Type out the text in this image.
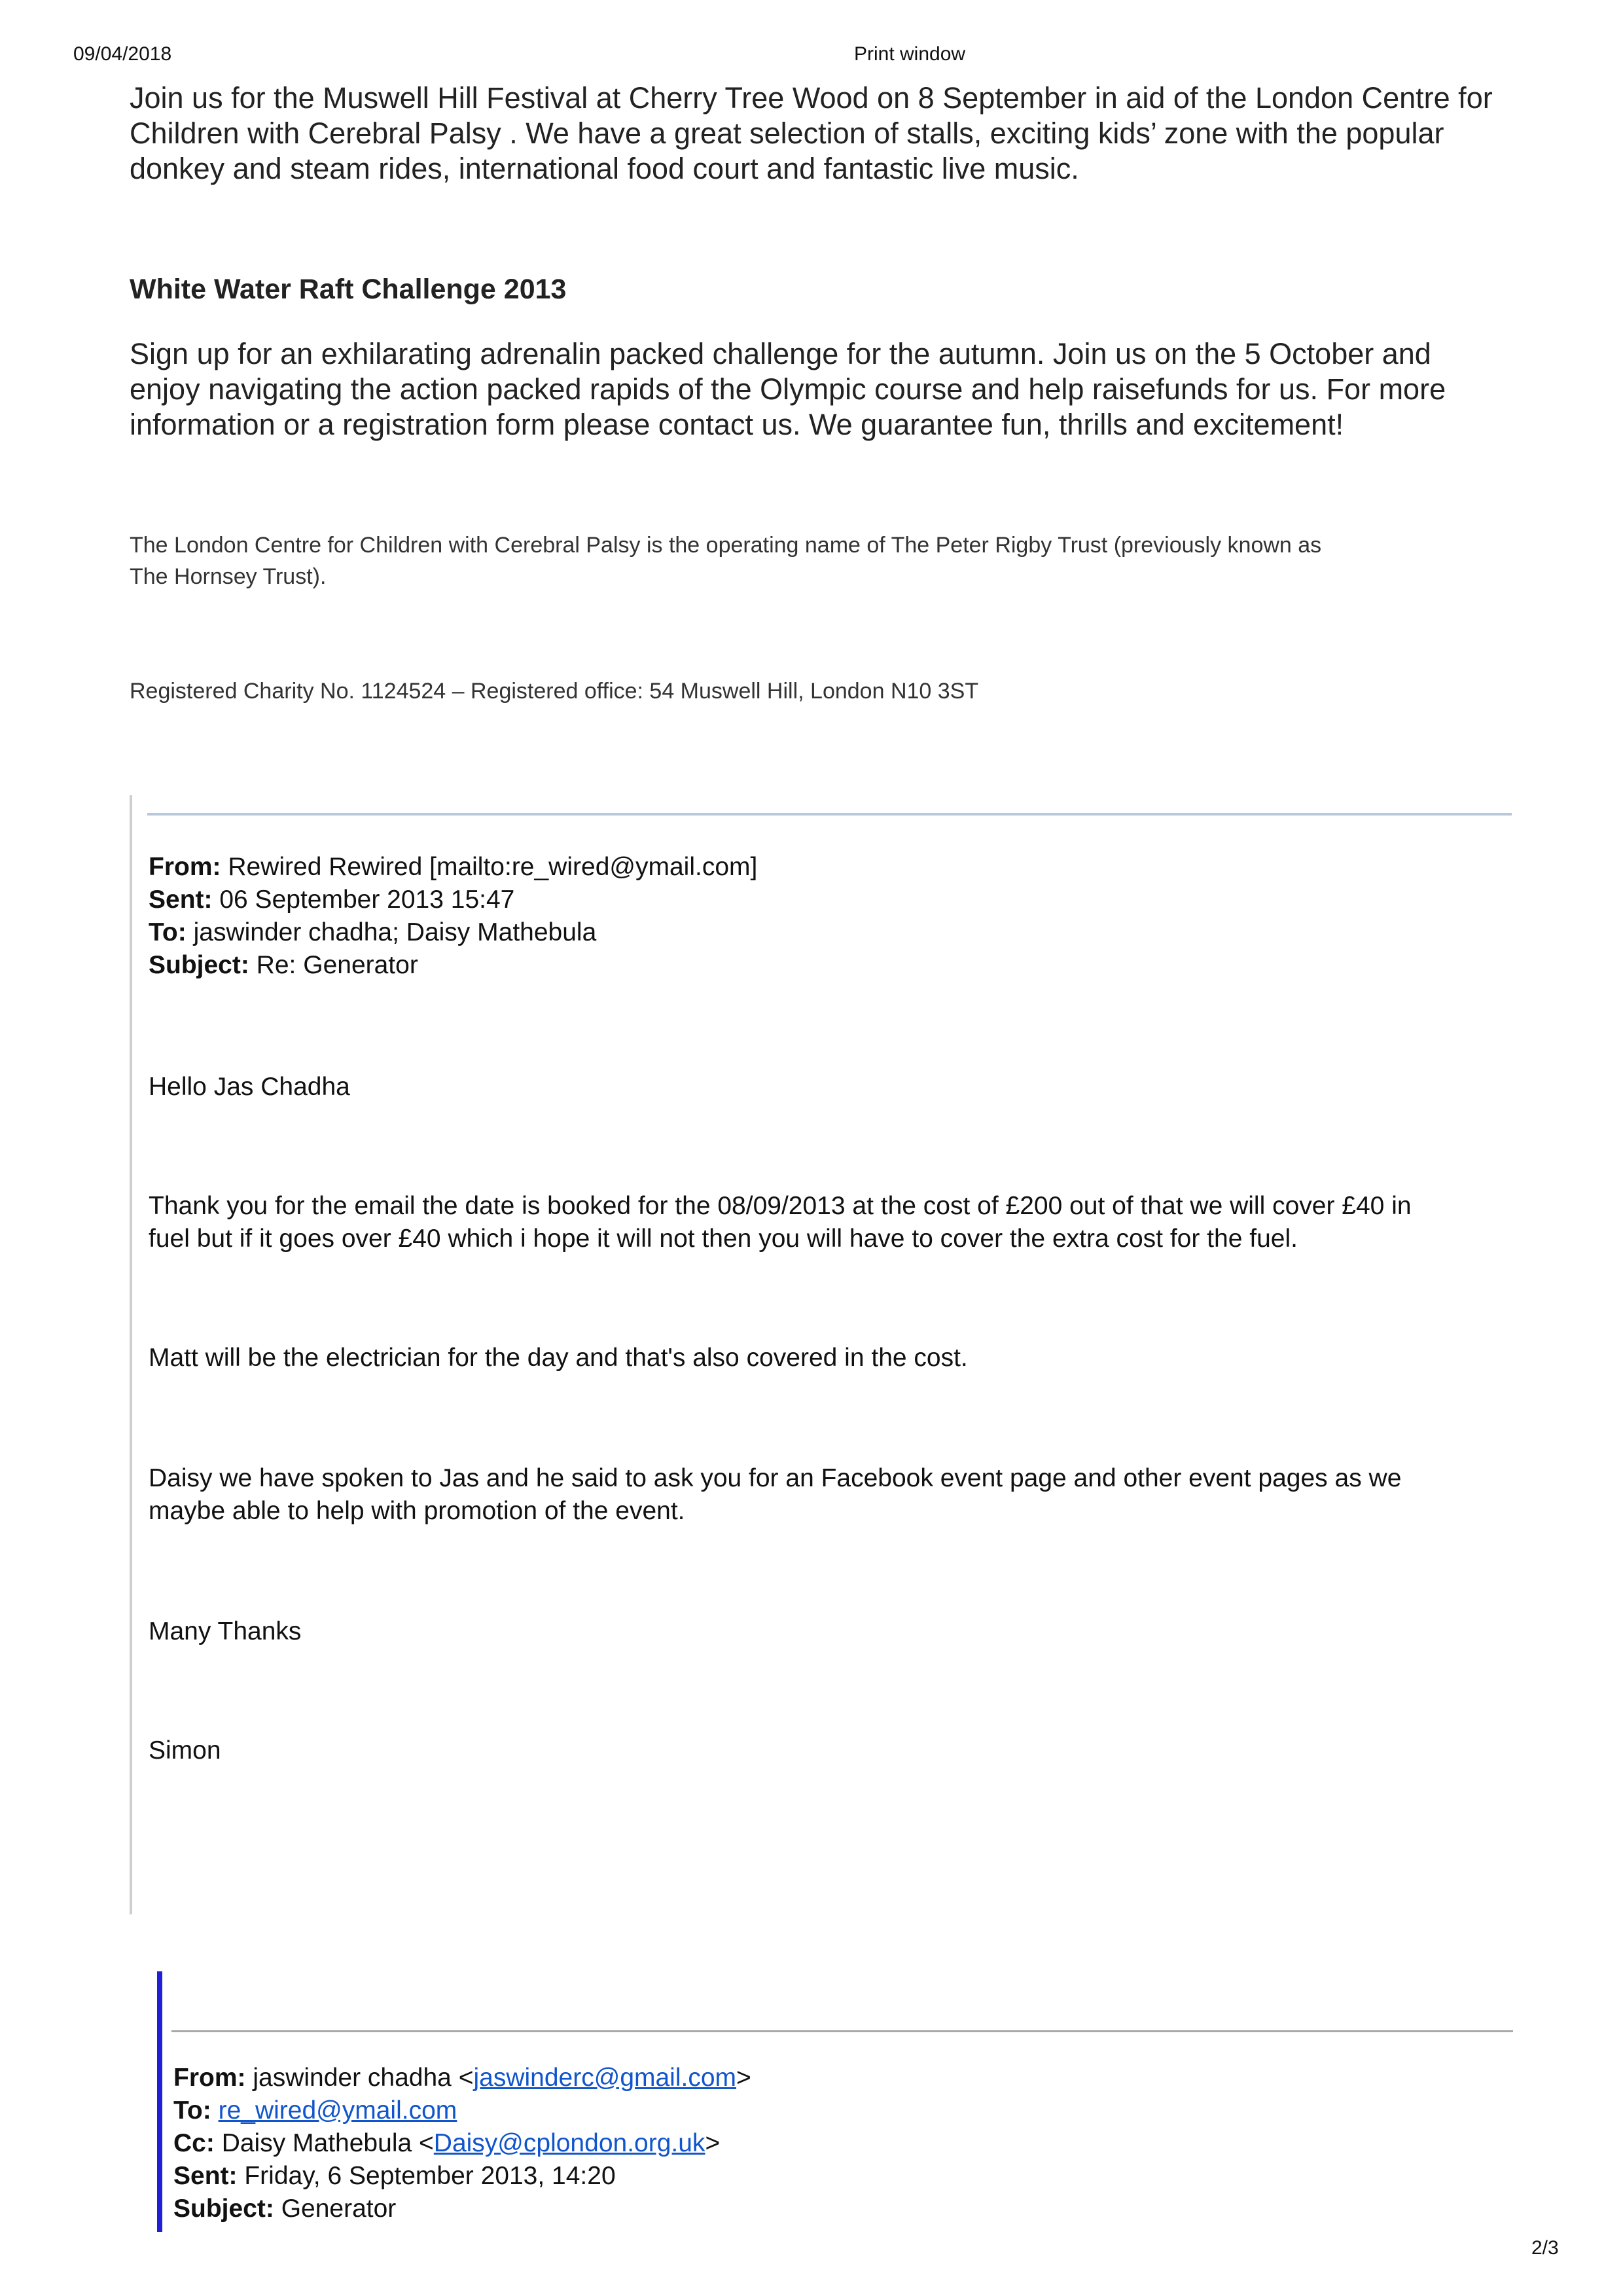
09/04/2018	Print window
Join us for the Muswell Hill Festival at Cherry Tree Wood on 8 September in aid of the London Centre for
Children with Cerebral Palsy . We have a great selection of stalls, exciting kids’ zone with the popular
donkey and steam rides, international food court and fantastic live music.
White Water Raft Challenge 2013
Sign up for an exhilarating adrenalin packed challenge for the autumn. Join us on the 5 October and
enjoy navigating the action packed rapids of the Olympic course and help raisefunds for us. For more
information or a registration form please contact us. We guarantee fun, thrills and excitement!
The London Centre for Children with Cerebral Palsy is the operating name of The Peter Rigby Trust (previously known as
The Hornsey Trust).
Registered Charity No. 1124524 – Registered office: 54 Muswell Hill, London N10 3ST
From: Rewired Rewired [mailto:re_wired@ymail.com]
Sent: 06 September 2013 15:47
To: jaswinder chadha; Daisy Mathebula
Subject: Re: Generator
Hello Jas Chadha
Thank you for the email the date is booked for the 08/09/2013 at the cost of £200 out of that we will cover £40 in
fuel but if it goes over £40 which i hope it will not then you will have to cover the extra cost for the fuel.
Matt will be the electrician for the day and that's also covered in the cost.
Daisy we have spoken to Jas and he said to ask you for an Facebook event page and other event pages as we
maybe able to help with promotion of the event.
Many Thanks
Simon
From: jaswinder chadha <jaswinderc@gmail.com>
To: re_wired@ymail.com
Cc: Daisy Mathebula <Daisy@cplondon.org.uk>
Sent: Friday, 6 September 2013, 14:20
Subject: Generator
2/3
